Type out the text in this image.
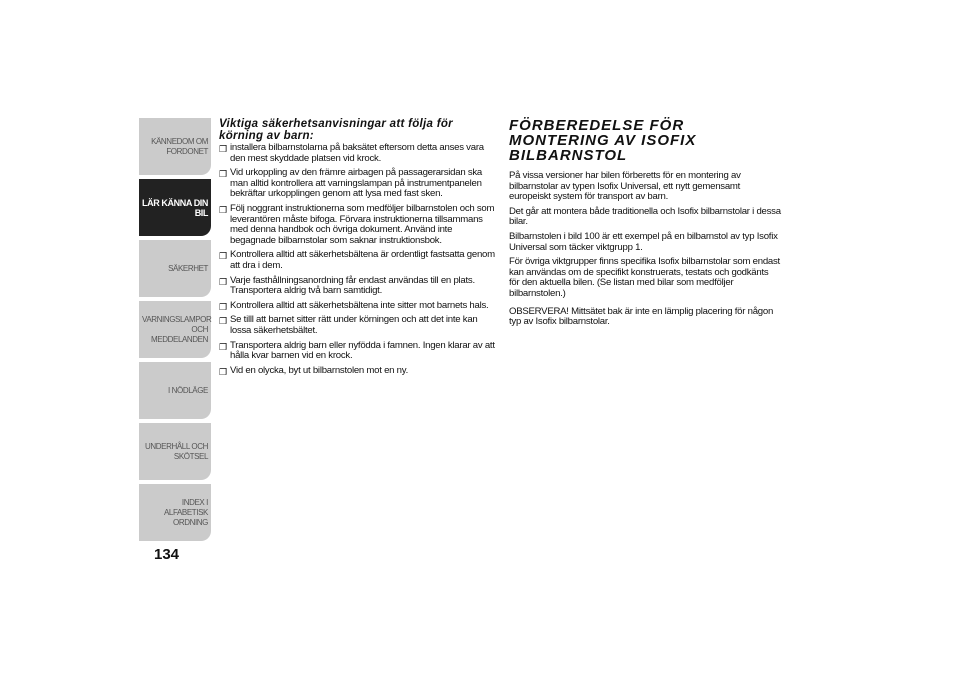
KÄNNEDOM OM FORDONET
LÄR KÄNNA DIN BIL
SÄKERHET
VARNINGSLAMPOR OCH MEDDELANDEN
I NÖDLÄGE
UNDERHÅLL OCH SKÖTSEL
INDEX I ALFABETISK ORDNING
134
Viktiga säkerhetsanvisningar att följa för körning av barn:
❒ installera bilbarnstolarna på baksätet eftersom detta anses vara den mest skyddade platsen vid krock.
❒ Vid urkoppling av den främre airbagen på passagerarsidan ska man alltid kontrollera att varningslampan på instrumentpanelen bekräftar urkopplingen genom att lysa med fast sken.
❒ Följ noggrant instruktionerna som medföljer bilbarnstolen och som leverantören måste bifoga. Förvara instruktionerna tillsammans med denna handbok och övriga dokument. Använd inte begagnade bilbarnstolar som saknar instruktionsbok.
❒ Kontrollera alltid att säkerhetsbältena är ordentligt fastsatta genom att dra i dem.
❒ Varje fasthållningsanordning får endast användas till en plats. Transportera aldrig två barn samtidigt.
❒ Kontrollera alltid att säkerhetsbältena inte sitter mot barnets hals.
❒ Se tilll att barnet sitter rätt under körningen och att det inte kan lossa säkerhetsbältet.
❒ Transportera aldrig barn eller nyfödda i famnen. Ingen klarar av att hålla kvar barnen vid en krock.
❒ Vid en olycka, byt ut bilbarnstolen mot en ny.
FÖRBEREDELSE FÖR MONTERING AV ISOFIX BILBARNSTOL

På vissa versioner har bilen förberetts för en montering av bilbarnstolar av typen Isofix Universal, ett nytt gemensamt europeiskt system för transport av barn.

Det går att montera både traditionella och Isofix bilbarnstolar i dessa bilar.

Bilbarnstolen i bild 100 är ett exempel på en bilbarnstol av typ Isofix Universal som täcker viktgrupp 1.

För övriga viktgrupper finns specifika Isofix bilbarnstolar som endast kan användas om de specifikt konstruerats, testats och godkänts för den aktuella bilen. (Se listan med bilar som medföljer bilbarnstolen.)

OBSERVERA! Mittsätet bak är inte en lämplig placering för någon typ av Isofix bilbarnstolar.
